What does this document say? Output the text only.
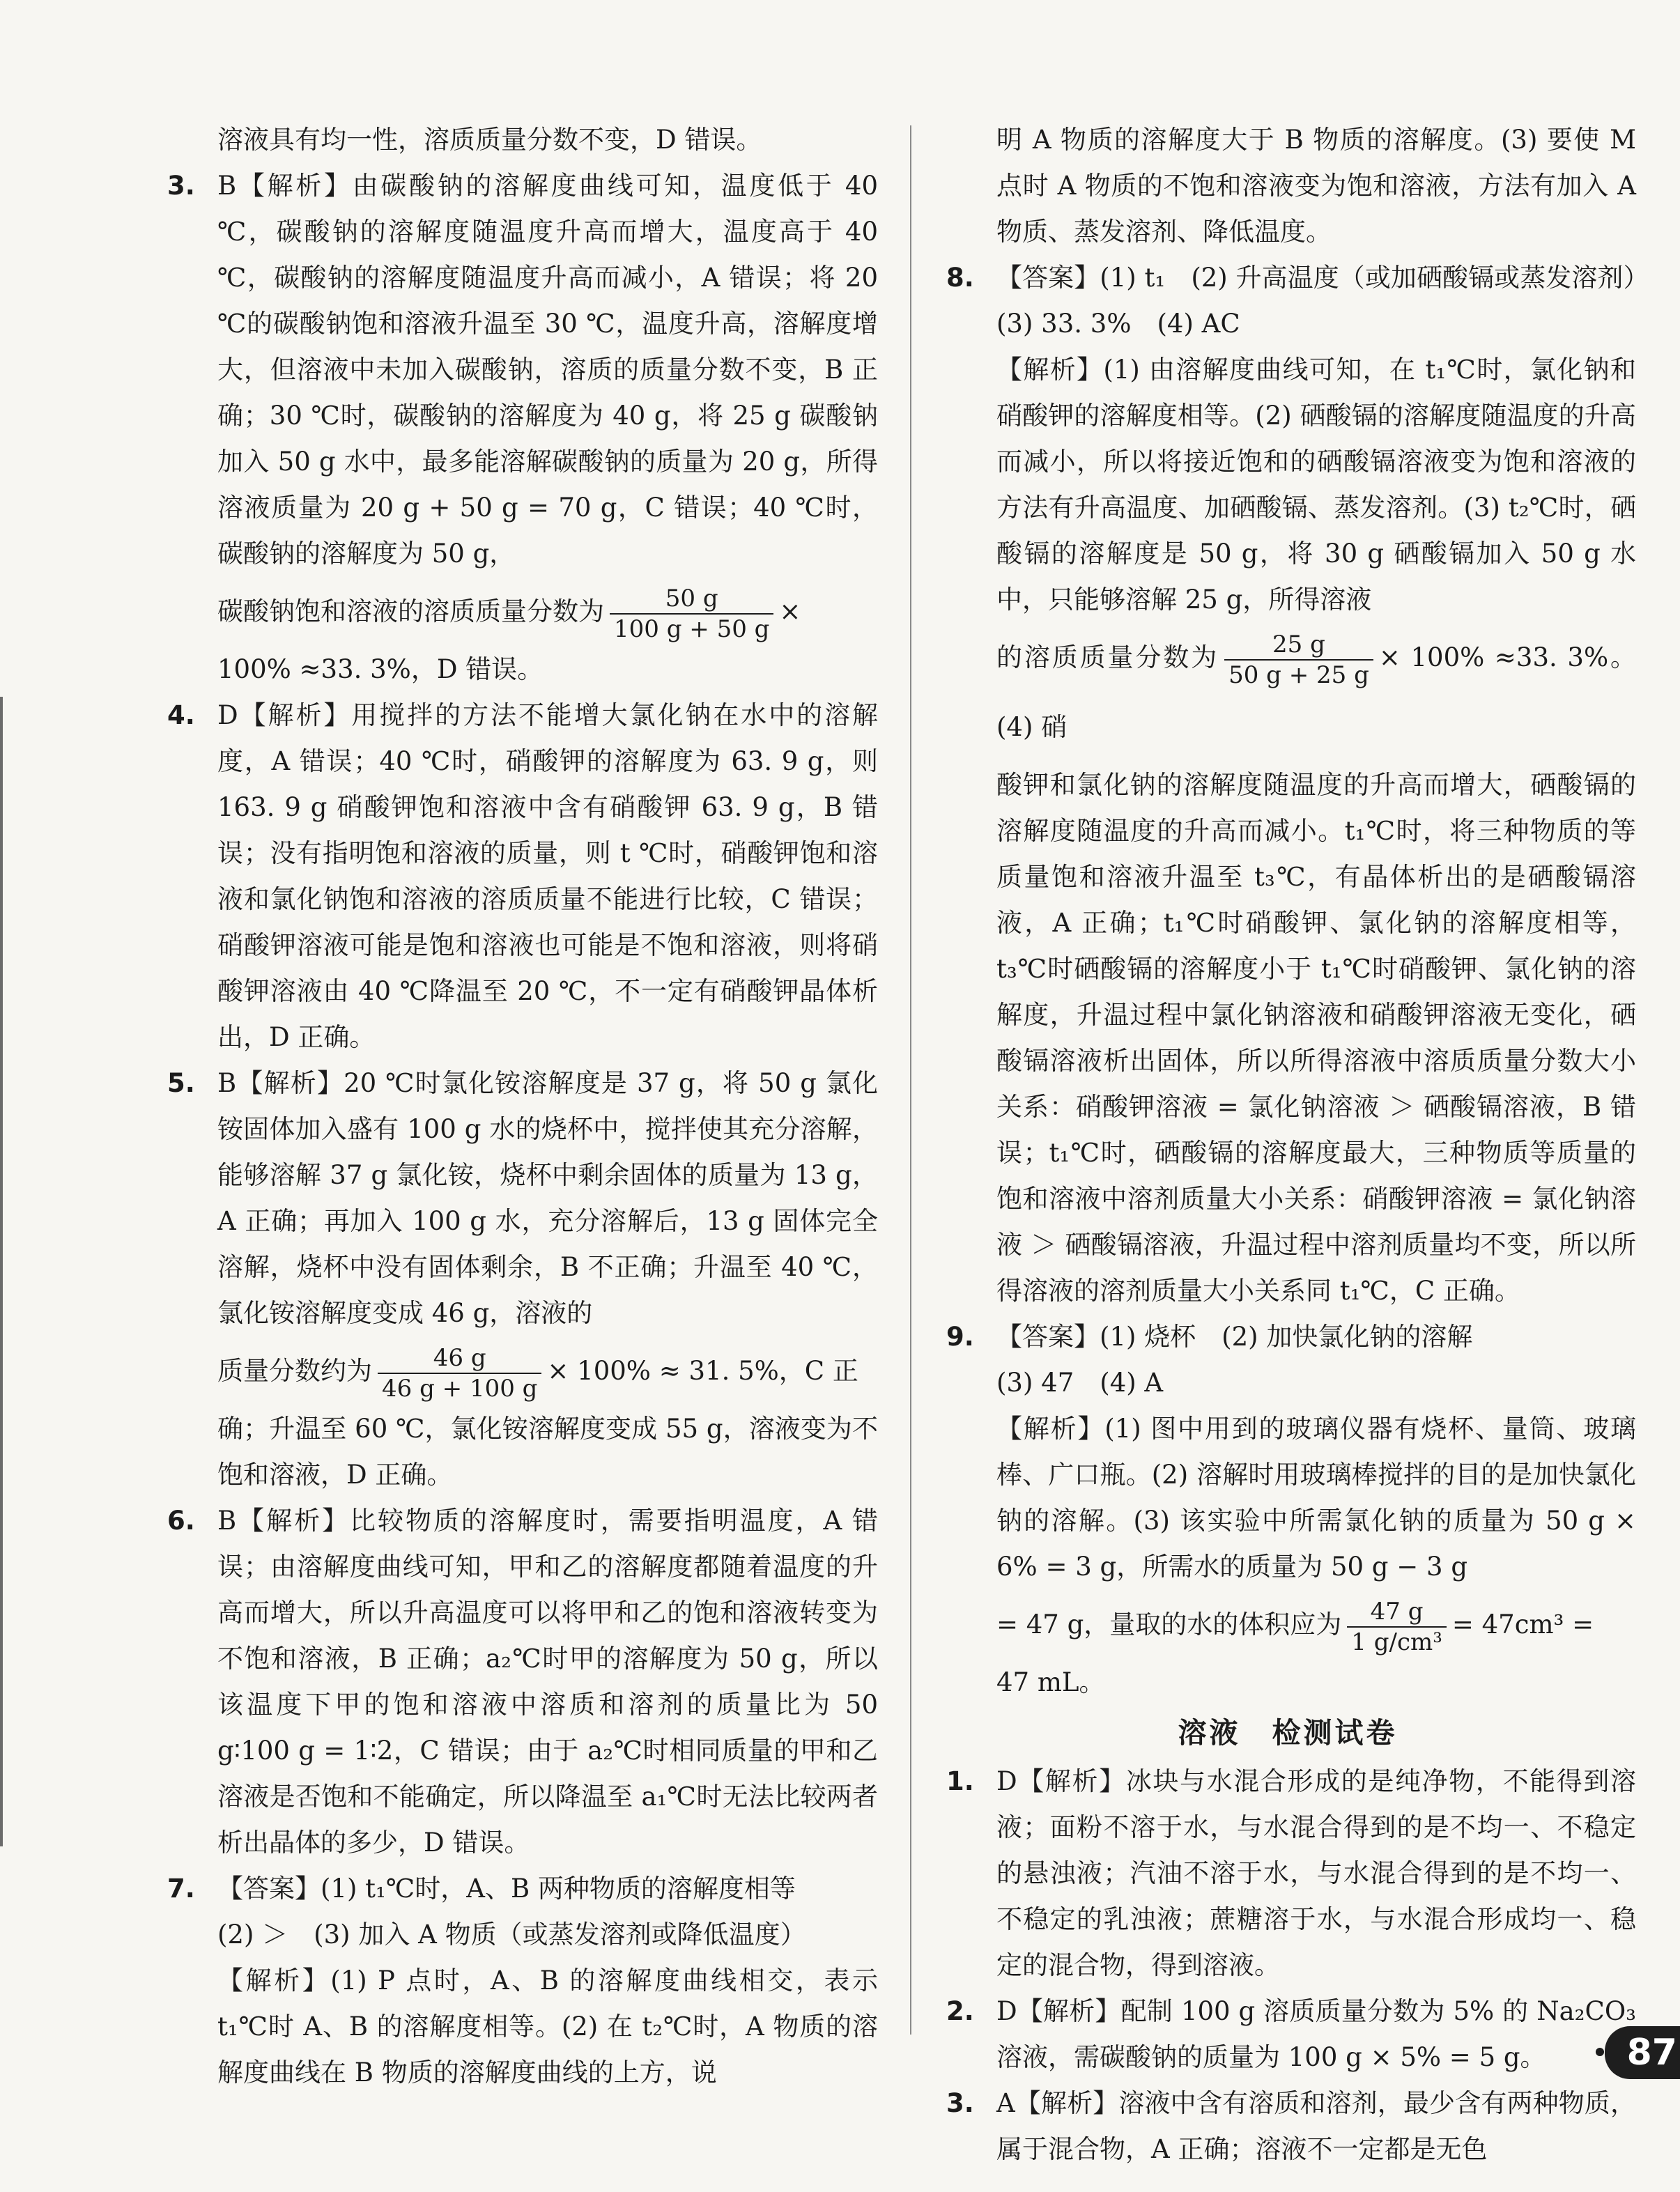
溶液具有均一性，溶质质量分数不变，D 错误。
3. B【解析】由碳酸钠的溶解度曲线可知，温度低于 40 ℃，碳酸钠的溶解度随温度升高而增大，温度高于 40 ℃，碳酸钠的溶解度随温度升高而减小，A 错误；将 20 ℃的碳酸钠饱和溶液升温至 30 ℃，温度升高，溶解度增大，但溶液中未加入碳酸钠，溶质的质量分数不变，B 正确；30 ℃时，碳酸钠的溶解度为 40 g，将 25 g 碳酸钠加入 50 g 水中，最多能溶解碳酸钠的质量为 20 g，所得溶液质量为 20 g + 50 g = 70 g，C 错误；40 ℃时，碳酸钠的溶解度为 50 g，
碳酸钠饱和溶液的溶质质量分数为 $\frac{50 g}{100 g + 50 g}$ ×
100% ≈33. 3%，D 错误。
4. D【解析】用搅拌的方法不能增大氯化钠在水中的溶解度，A 错误；40 ℃时，硝酸钾的溶解度为 63. 9 g，则 163. 9 g 硝酸钾饱和溶液中含有硝酸钾 63. 9 g，B 错误；没有指明饱和溶液的质量，则 t ℃时，硝酸钾饱和溶液和氯化钠饱和溶液的溶质质量不能进行比较，C 错误；硝酸钾溶液可能是饱和溶液也可能是不饱和溶液，则将硝酸钾溶液由 40 ℃降温至 20 ℃，不一定有硝酸钾晶体析出，D 正确。
5. B【解析】20 ℃时氯化铵溶解度是 37 g，将 50 g 氯化铵固体加入盛有 100 g 水的烧杯中，搅拌使其充分溶解，能够溶解 37 g 氯化铵，烧杯中剩余固体的质量为 13 g，A 正确；再加入 100 g 水，充分溶解后，13 g 固体完全溶解，烧杯中没有固体剩余，B 不正确；升温至 40 ℃，氯化铵溶解度变成 46 g，溶液的
质量分数约为 $\frac{46 g}{46 g + 100 g} \times 100\% \approx 31$. 5%，C 正
确；升温至 60 ℃，氯化铵溶解度变成 55 g，溶液变为不饱和溶液，D 正确。
6. B【解析】比较物质的溶解度时，需要指明温度，A 错误；由溶解度曲线可知，甲和乙的溶解度都随着温度的升高而增大，所以升高温度可以将甲和乙的饱和溶液转变为不饱和溶液，B 正确；a₂℃时甲的溶解度为 50 g，所以该温度下甲的饱和溶液中溶质和溶剂的质量比为 50 g∶100 g = 1∶2，C 错误；由于 a₂℃时相同质量的甲和乙溶液是否饱和不能确定，所以降温至 a₁℃时无法比较两者析出晶体的多少，D 错误。
7. 【答案】(1) t₁℃时，A、B 两种物质的溶解度相等
(2) ＞　(3) 加入 A 物质（或蒸发溶剂或降低温度）
【解析】(1) P 点时，A、B 的溶解度曲线相交，表示 t₁℃时 A、B 的溶解度相等。(2) 在 t₂℃时，A 物质的溶解度曲线在 B 物质的溶解度曲线的上方，说
明 A 物质的溶解度大于 B 物质的溶解度。(3) 要使 M 点时 A 物质的不饱和溶液变为饱和溶液，方法有加入 A 物质、蒸发溶剂、降低温度。
8. 【答案】(1) t₁　(2) 升高温度（或加硒酸镉或蒸发溶剂）　(3) 33. 3%　(4) AC
【解析】(1) 由溶解度曲线可知，在 t₁℃时，氯化钠和硝酸钾的溶解度相等。(2) 硒酸镉的溶解度随温度的升高而减小，所以将接近饱和的硒酸镉溶液变为饱和溶液的方法有升高温度、加硒酸镉、蒸发溶剂。(3) t₂℃时，硒酸镉的溶解度是 50 g，将 30 g 硒酸镉加入 50 g 水中，只能够溶解 25 g，所得溶液
的溶质质量分数为 $\frac{25 g}{50 g + 25 g} \times 100\% \approx 33$. 3%。(4) 硝
酸钾和氯化钠的溶解度随温度的升高而增大，硒酸镉的溶解度随温度的升高而减小。t₁℃时，将三种物质的等质量饱和溶液升温至 t₃℃，有晶体析出的是硒酸镉溶液，A 正确；t₁℃时硝酸钾、氯化钠的溶解度相等，t₃℃时硒酸镉的溶解度小于 t₁℃时硝酸钾、氯化钠的溶解度，升温过程中氯化钠溶液和硝酸钾溶液无变化，硒酸镉溶液析出固体，所以所得溶液中溶质质量分数大小关系：硝酸钾溶液 = 氯化钠溶液 ＞ 硒酸镉溶液，B 错误；t₁℃时，硒酸镉的溶解度最大，三种物质等质量的饱和溶液中溶剂质量大小关系：硝酸钾溶液 = 氯化钠溶液 ＞ 硒酸镉溶液，升温过程中溶剂质量均不变，所以所得溶液的溶剂质量大小关系同 t₁℃，C 正确。
9. 【答案】(1) 烧杯　(2) 加快氯化钠的溶解
(3) 47　(4) A
【解析】(1) 图中用到的玻璃仪器有烧杯、量筒、玻璃棒、广口瓶。(2) 溶解时用玻璃棒搅拌的目的是加快氯化钠的溶解。(3) 该实验中所需氯化钠的质量为 50 g × 6% = 3 g，所需水的质量为 50 g − 3 g
= 47 g，量取的水的体积应为 $\frac{47 g}{\text{1 g/cm³}} = 47cm^3$ =
47 mL。
溶液　检测试卷
1. D【解析】冰块与水混合形成的是纯净物，不能得到溶液；面粉不溶于水，与水混合得到的是不均一、不稳定的悬浊液；汽油不溶于水，与水混合得到的是不均一、不稳定的乳浊液；蔗糖溶于水，与水混合形成均一、稳定的混合物，得到溶液。
2. D【解析】配制 100 g 溶质质量分数为 5% 的 Na₂CO₃ 溶液，需碳酸钠的质量为 100 g × 5% = 5 g。
3. A【解析】溶液中含有溶质和溶剂，最少含有两种物质，属于混合物，A 正确；溶液不一定都是无色
87
